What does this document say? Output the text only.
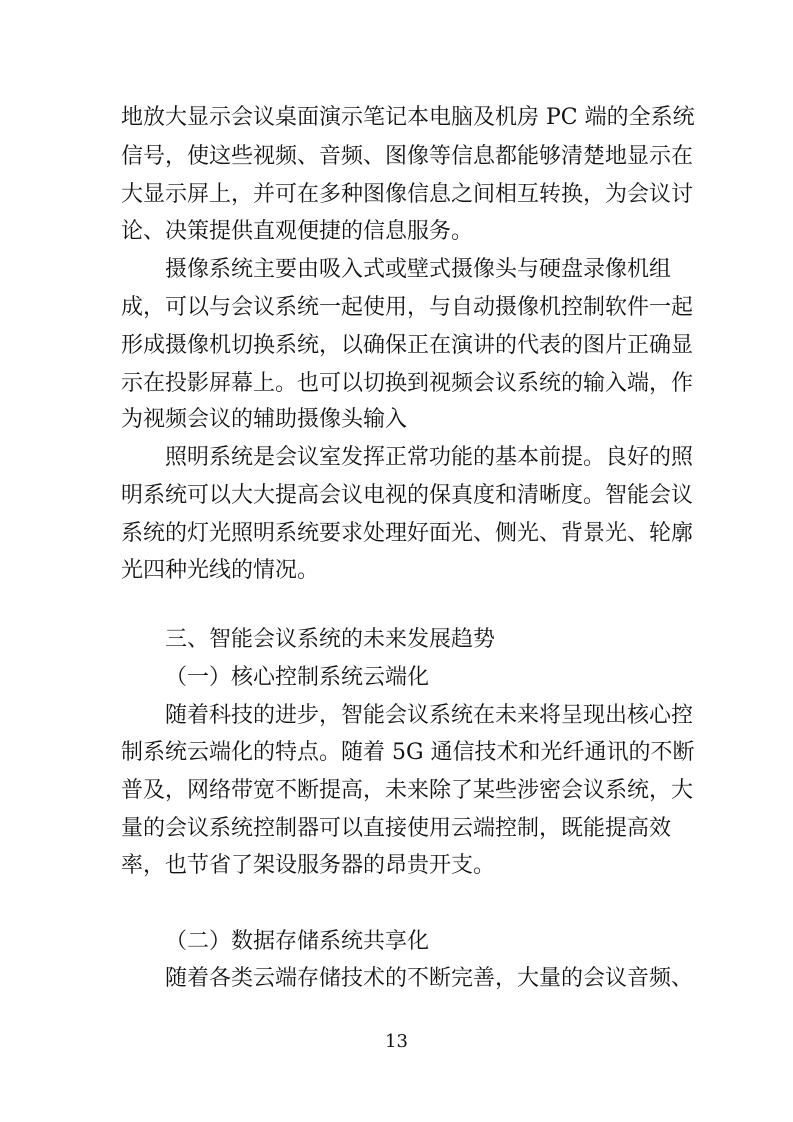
地放大显示会议桌面演示笔记本电脑及机房 PC 端的全系统
信号，使这些视频、音频、图像等信息都能够清楚地显示在
大显示屏上，并可在多种图像信息之间相互转换，为会议讨
论、决策提供直观便捷的信息服务。
摄像系统主要由吸入式或壁式摄像头与硬盘录像机组
成，可以与会议系统一起使用，与自动摄像机控制软件一起
形成摄像机切换系统，以确保正在演讲的代表的图片正确显
示在投影屏幕上。也可以切换到视频会议系统的输入端，作
为视频会议的辅助摄像头输入
照明系统是会议室发挥正常功能的基本前提。良好的照
明系统可以大大提高会议电视的保真度和清晰度。智能会议
系统的灯光照明系统要求处理好面光、侧光、背景光、轮廓
光四种光线的情况。
三、智能会议系统的未来发展趋势
（一）核心控制系统云端化
随着科技的进步，智能会议系统在未来将呈现出核心控
制系统云端化的特点。随着 5G 通信技术和光纤通讯的不断
普及，网络带宽不断提高，未来除了某些涉密会议系统，大
量的会议系统控制器可以直接使用云端控制，既能提高效
率，也节省了架设服务器的昂贵开支。
（二）数据存储系统共享化
随着各类云端存储技术的不断完善，大量的会议音频、
13
